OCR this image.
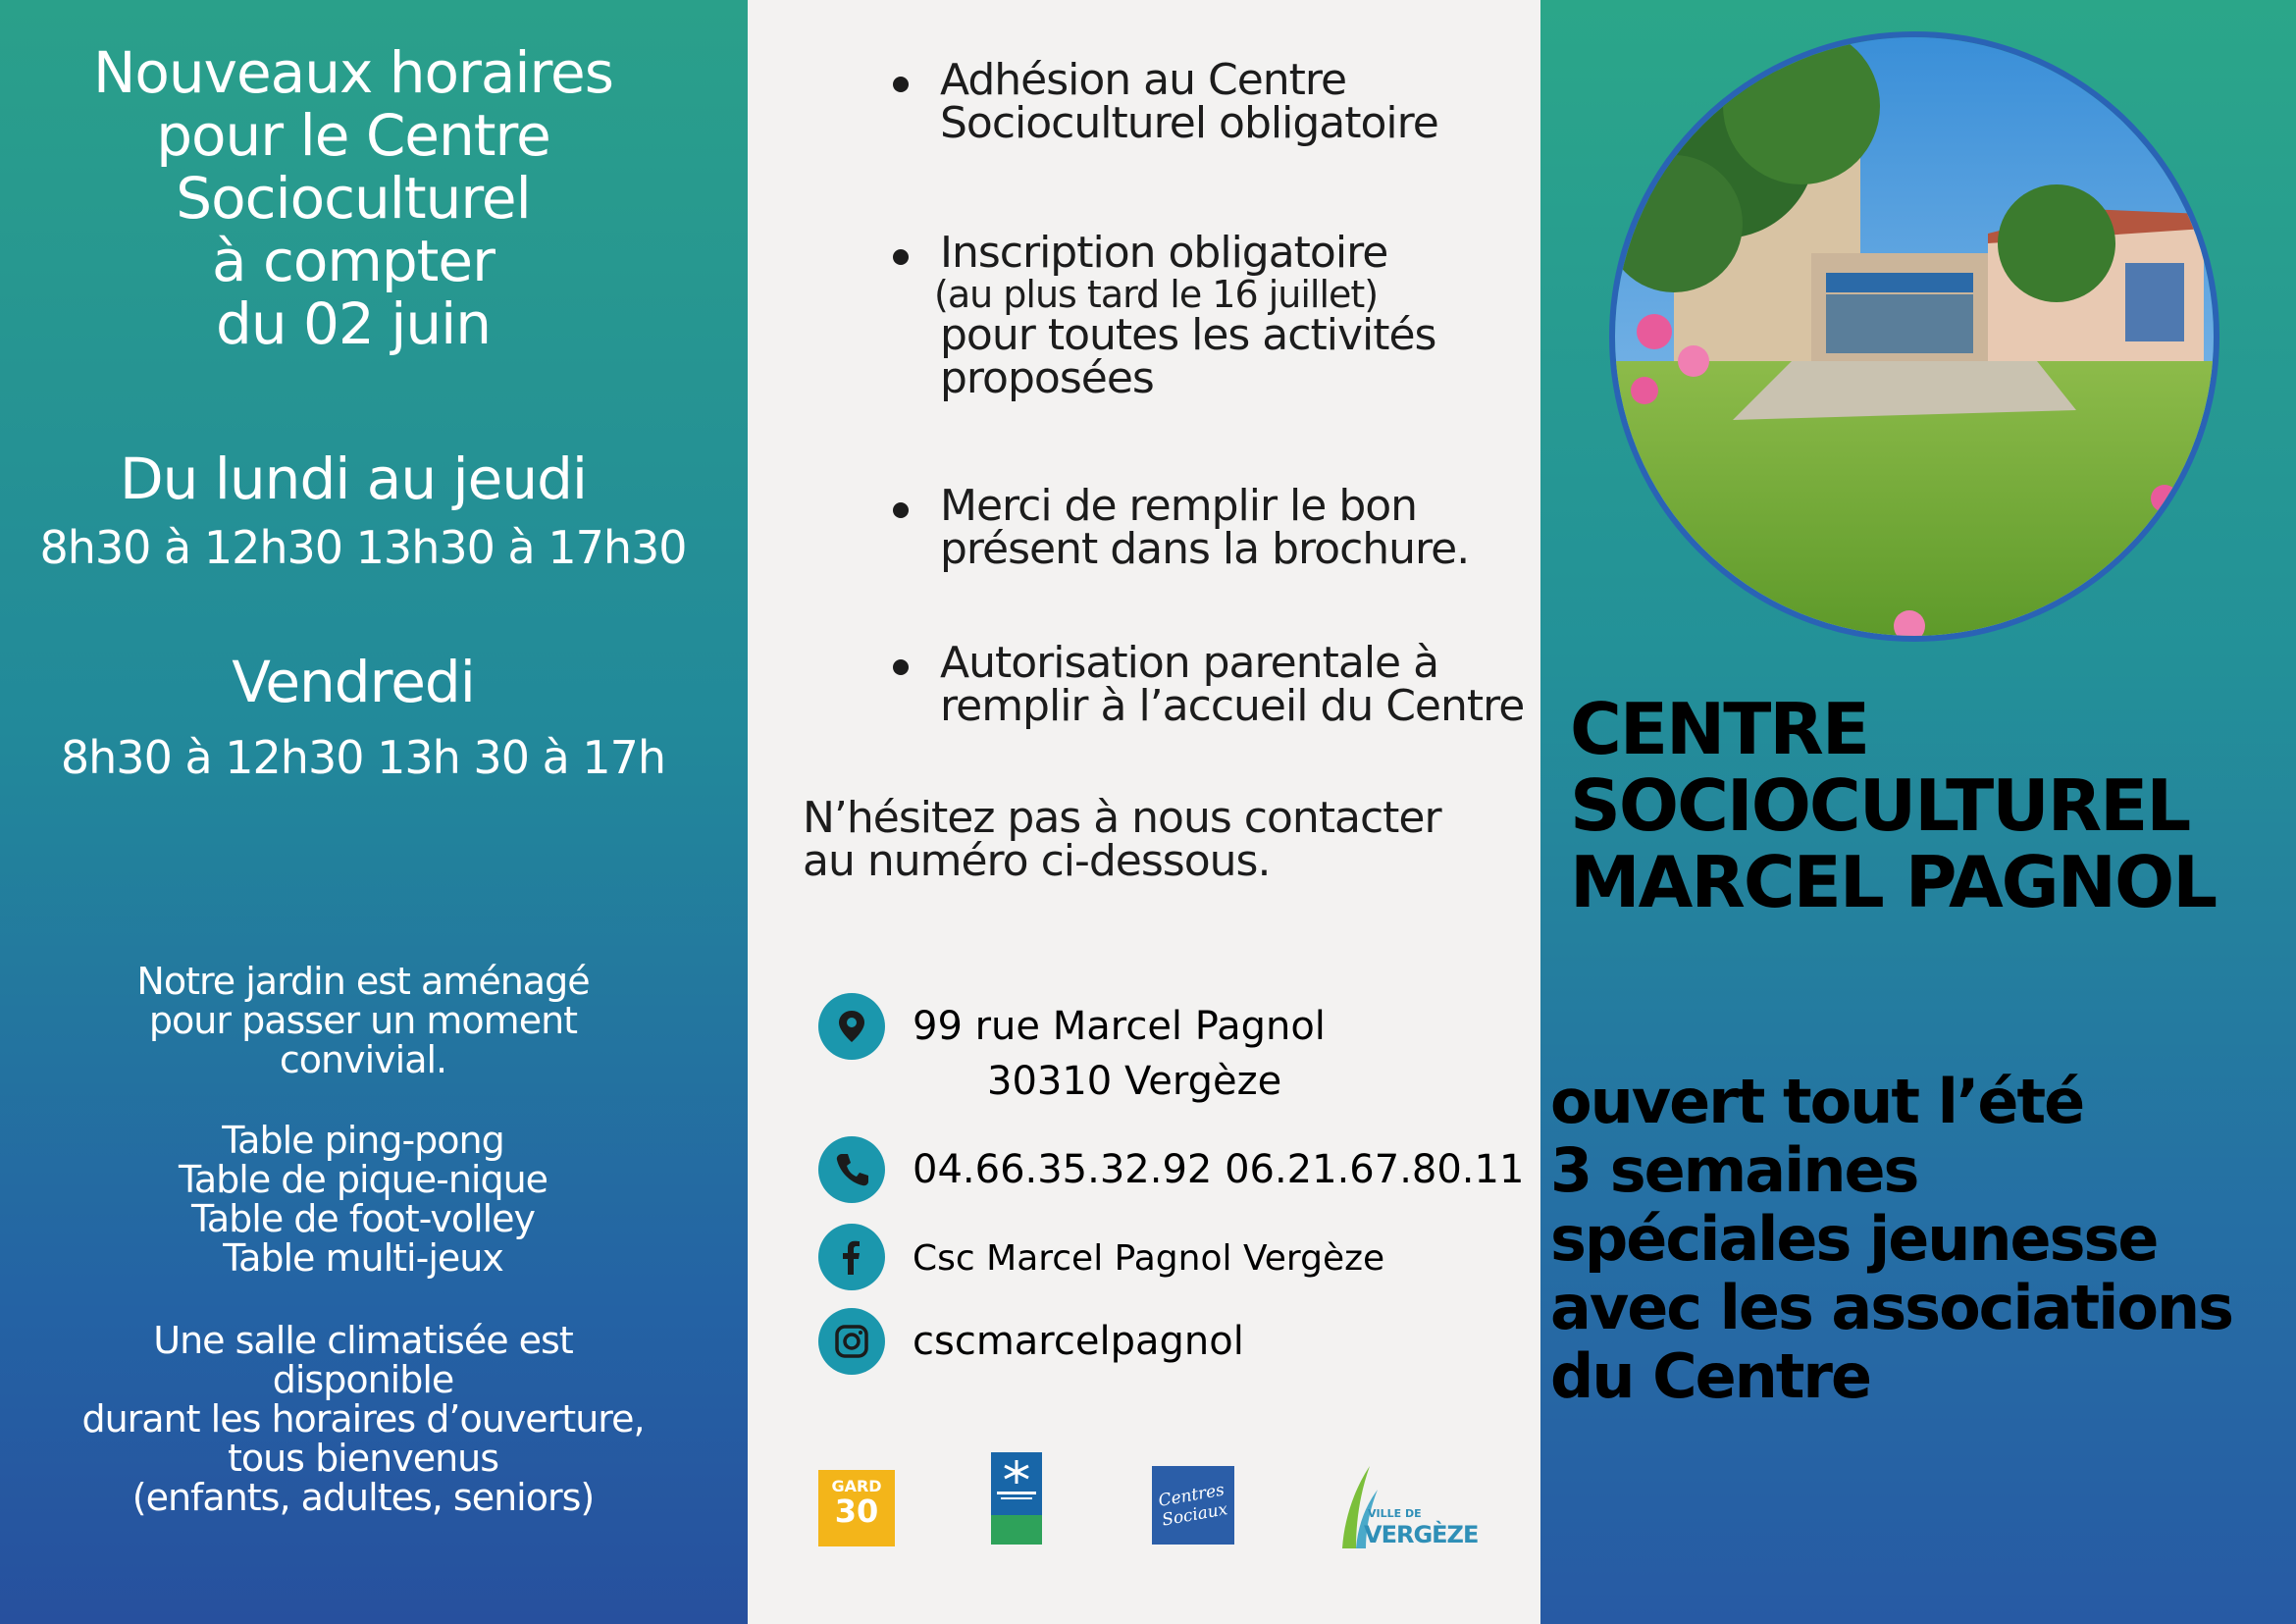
Nouveaux horaires
pour le Centre
Socioculturel
à compter
du 02 juin
Du lundi au jeudi
8h30 à 12h30 13h30 à 17h30
Vendredi
8h30 à 12h30 13h 30 à 17h
Notre jardin est aménagé
pour passer un moment
convivial.
Table ping-pong
Table de pique-nique
Table de foot-volley
Table multi-jeux
Une salle climatisée est
disponible
durant les horaires d’ouverture,
tous bienvenus
(enfants, adultes, seniors)
Adhésion au Centre
Socioculturel obligatoire
Inscription obligatoire
(au plus tard le 16 juillet)
pour toutes les activités
proposées
Merci de remplir le bon
présent dans la brochure.
Autorisation parentale à
remplir à l’accueil du Centre
N’hésitez pas à nous contacter
au numéro ci-dessous.
99 rue Marcel Pagnol
30310 Vergèze
04.66.35.32.92 06.21.67.80.11
Csc Marcel Pagnol Vergèze
cscmarcelpagnol
GARD
30	Centres Sociaux	VILLE DE
VERGÈZE
CENTRE
SOCIOCULTUREL
MARCEL PAGNOL
ouvert tout l’été
3 semaines
spéciales jeunesse
avec les associations
du Centre
